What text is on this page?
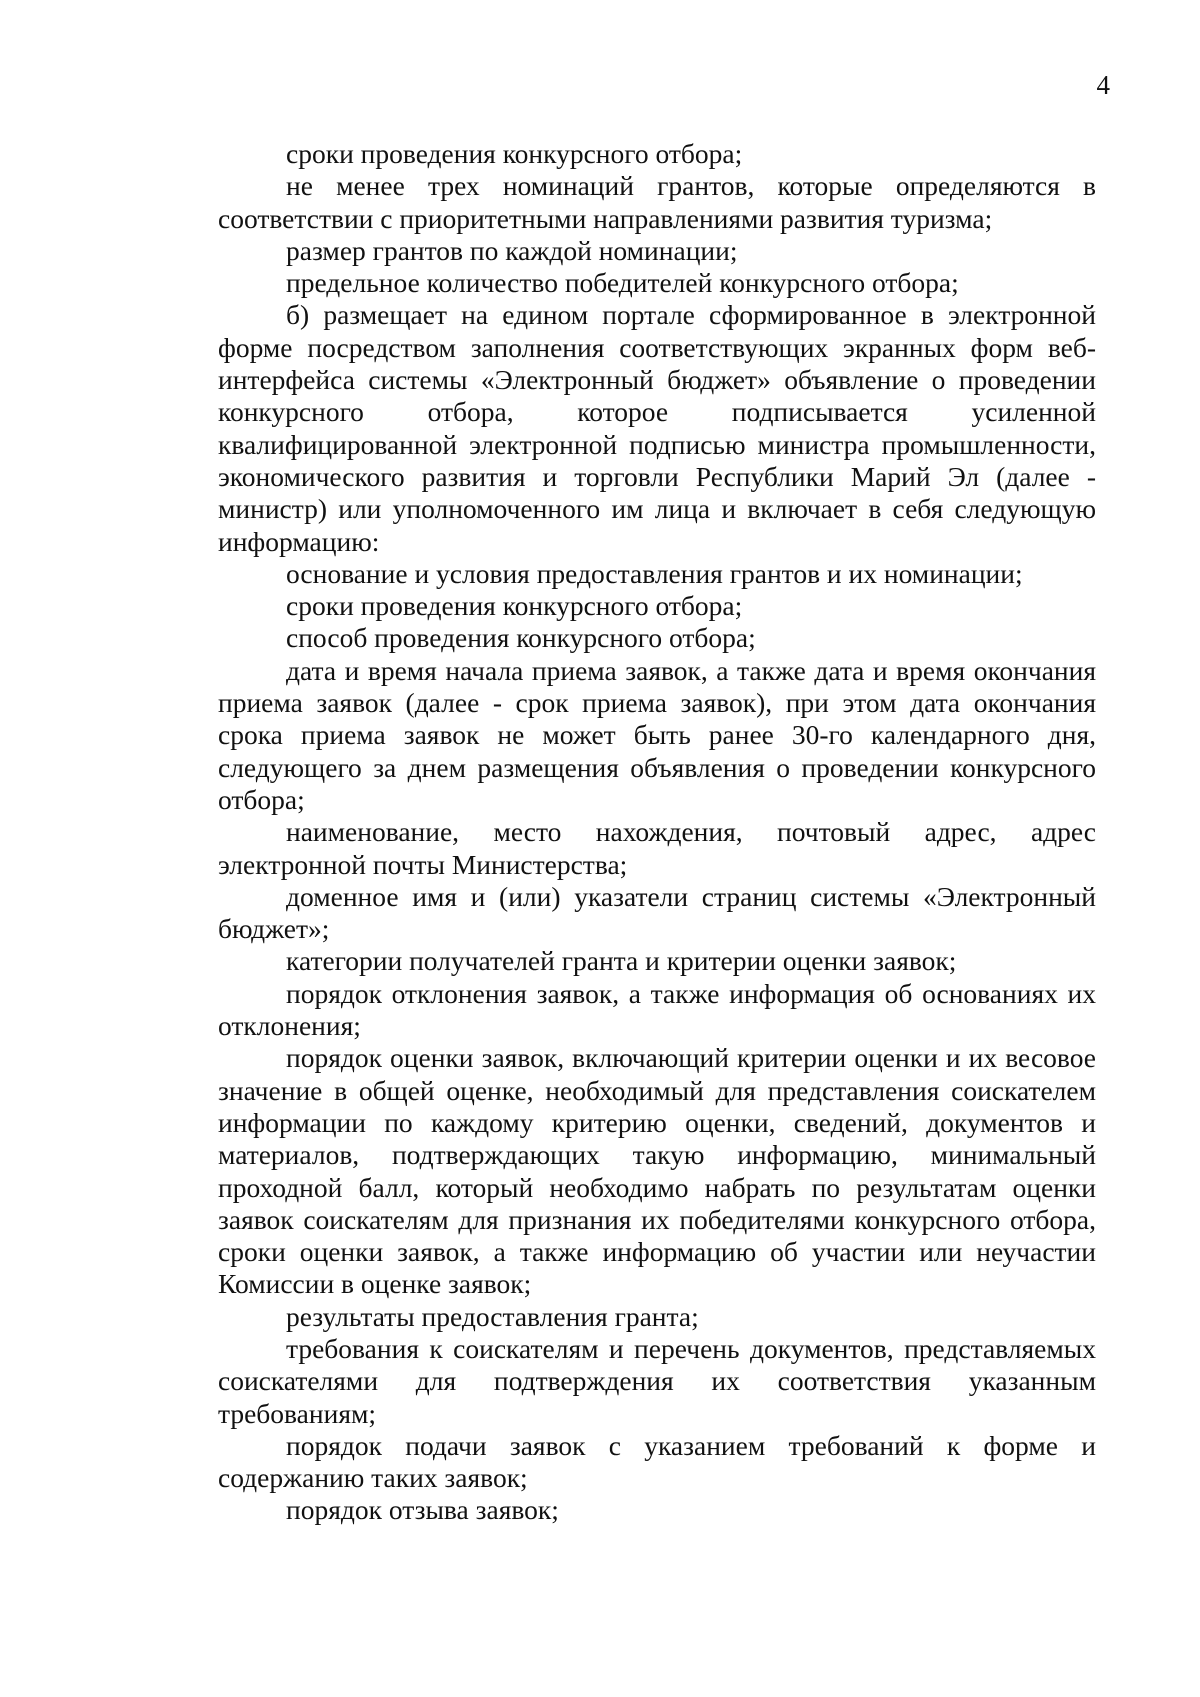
4

сроки проведения конкурсного отбора;

не менее трех номинаций грантов, которые определяются в соответствии с приоритетными направлениями развития туризма;

размер грантов по каждой номинации;

предельное количество победителей конкурсного отбора;

б) размещает на едином портале сформированное в электронной форме посредством заполнения соответствующих экранных форм веб-интерфейса системы «Электронный бюджет» объявление о проведении конкурсного отбора, которое подписывается усиленной квалифицированной электронной подписью министра промышленности, экономического развития и торговли Республики Марий Эл (далее - министр) или уполномоченного им лица и включает в себя следующую информацию:

основание и условия предоставления грантов и их номинации;

сроки проведения конкурсного отбора;

способ проведения конкурсного отбора;

дата и время начала приема заявок, а также дата и время окончания приема заявок (далее - срок приема заявок), при этом дата окончания срока приема заявок не может быть ранее 30-го календарного дня, следующего за днем размещения объявления о проведении конкурсного отбора;

наименование, место нахождения, почтовый адрес, адрес электронной почты Министерства;

доменное имя и (или) указатели страниц системы «Электронный бюджет»;

категории получателей гранта и критерии оценки заявок;

порядок отклонения заявок, а также информация об основаниях их отклонения;

порядок оценки заявок, включающий критерии оценки и их весовое значение в общей оценке, необходимый для представления соискателем информации по каждому критерию оценки, сведений, документов и материалов, подтверждающих такую информацию, минимальный проходной балл, который необходимо набрать по результатам оценки заявок соискателям для признания их победителями конкурсного отбора, сроки оценки заявок, а также информацию об участии или неучастии Комиссии в оценке заявок;

результаты предоставления гранта;

требования к соискателям и перечень документов, представляемых соискателями для подтверждения их соответствия указанным требованиям;

порядок подачи заявок с указанием требований к форме и содержанию таких заявок;

порядок отзыва заявок;
